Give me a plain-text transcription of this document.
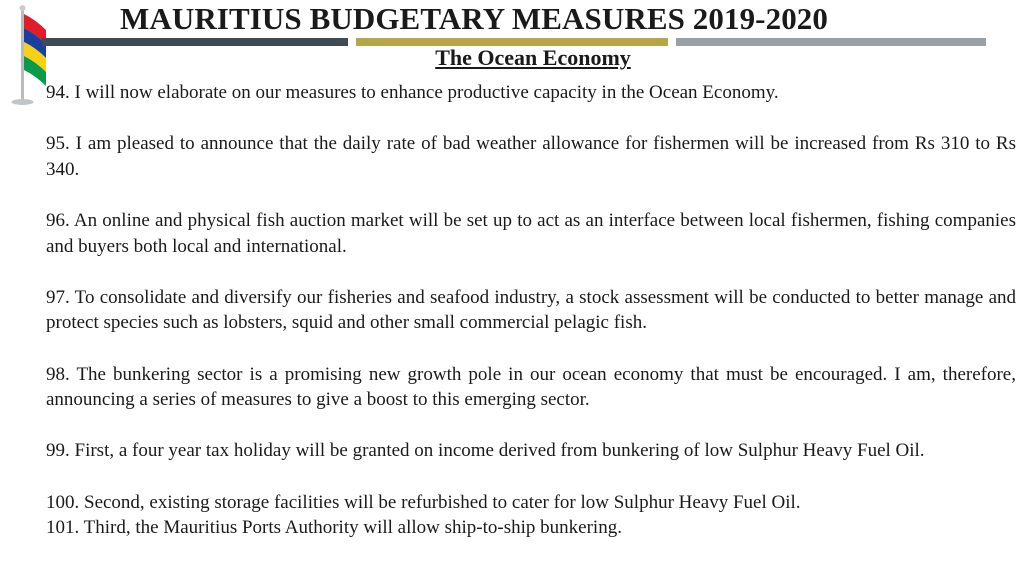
MAURITIUS BUDGETARY MEASURES 2019-2020
The Ocean Economy

94. I will now elaborate on our measures to enhance productive capacity in the Ocean Economy.

95. I am pleased to announce that the daily rate of bad weather allowance for fishermen will be increased from Rs 310 to Rs 340.

96. An online and physical fish auction market will be set up to act as an interface between local fishermen, fishing companies and buyers both local and international.

97. To consolidate and diversify our fisheries and seafood industry, a stock assessment will be conducted to better manage and protect species such as lobsters, squid and other small commercial pelagic fish.

98. The bunkering sector is a promising new growth pole in our ocean economy that must be encouraged. I am, therefore, announcing a series of measures to give a boost to this emerging sector.

99. First, a four year tax holiday will be granted on income derived from bunkering of low Sulphur Heavy Fuel Oil.

100. Second, existing storage facilities will be refurbished to cater for low Sulphur Heavy Fuel Oil.

101. Third, the Mauritius Ports Authority will allow ship-to-ship bunkering.
